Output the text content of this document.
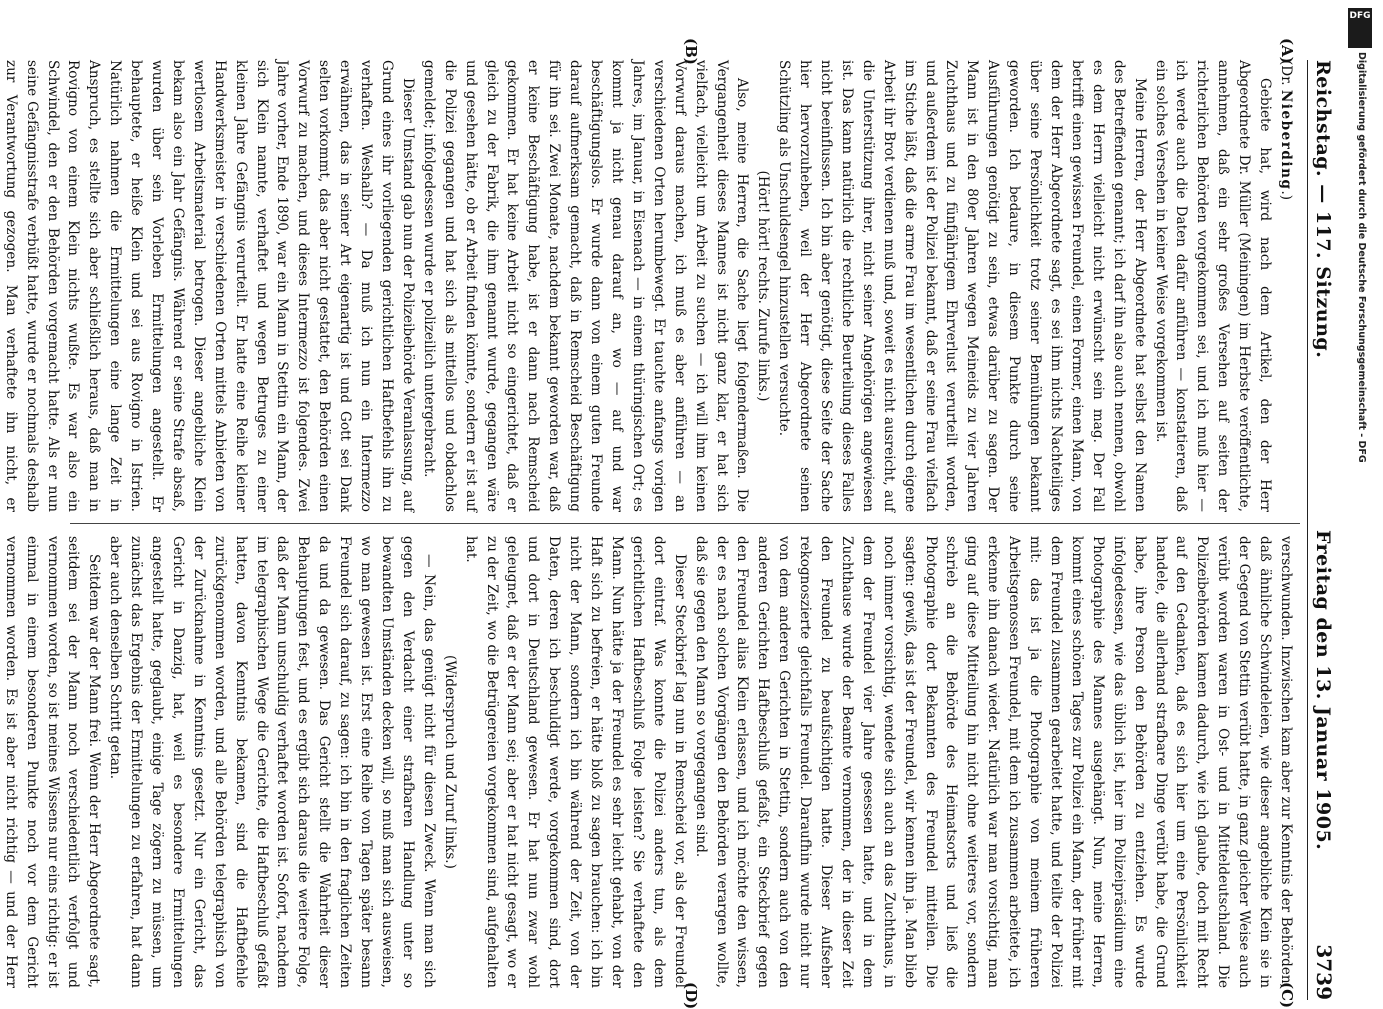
Reichstag. — 117. Sitzung.
Freitag den 13. Januar 1905.
3739
(A)
(B)
(C)
(D)

(Dr. Nieberding.)

Gebiete hat, wird nach dem Artikel, den der Herr Abgeordnete Dr. Müller (Meiningen) im Herbste veröffentlichte, annehmen, daß ein sehr großes Versehen auf seiten der richterlichen Behörden vorgekommen sei, und ich muß hier — ich werde auch die Daten dafür anführen — konstatieren, daß ein solches Versehen in keiner Weise vorgekommen ist.

Meine Herren, der Herr Abgeordnete hat selbst den Namen des Betreffenden genannt; ich darf ihn also auch nennen, obwohl es dem Herrn vielleicht nicht erwünscht sein mag. Der Fall betrifft einen gewissen Freundel, einen Former, einen Mann, von dem der Herr Abgeordnete sagt, es sei ihm nichts Nachteiliges über seine Persönlichkeit trotz seiner Bemühungen bekannt geworden. Ich bedaure, in diesem Punkte durch seine Ausführungen genötigt zu sein, etwas darüber zu sagen. Der Mann ist in den 80er Jahren wegen Meineids zu vier Jahren Zuchthaus und zu fünfjährigem Ehrverlust verurteilt worden, und außerdem ist der Polizei bekannt, daß er seine Frau vielfach im Stiche läßt, daß die arme Frau im wesentlichen durch eigene Arbeit ihr Brot verdienen muß und, soweit es nicht ausreicht, auf die Unterstützung ihrer, nicht seiner Angehörigen angewiesen ist. Das kann natürlich die rechtliche Beurteilung dieses Falles nicht beeinflussen. Ich bin aber genötigt, diese Seite der Sache hier hervorzuheben, weil der Herr Abgeordnete seinen Schützling als Unschuldsengel hinzustellen versuchte.

(Hört! hört! rechts. Zurufe links.)

Also, meine Herren, die Sache liegt folgendermaßen. Die Vergangenheit dieses Mannes ist nicht ganz klar, er hat sich vielfach, vielleicht um Arbeit zu suchen — ich will ihm keinen Vorwurf daraus machen, ich muß es aber anführen — an verschiedenen Orten herumbewegt. Er tauchte anfangs vorigen Jahres, im Januar, in Eisenach — in einem thüringischen Ort; es kommt ja nicht genau darauf an, wo — auf und war beschäftigungslos. Er wurde dann von einem guten Freunde darauf aufmerksam gemacht, daß in Remscheid Beschäftigung für ihn sei. Zwei Monate, nachdem bekannt geworden war, daß er keine Beschäftigung habe, ist er dann nach Remscheid gekommen. Er hat keine Arbeit nicht so eingerichtet, daß er gleich zu der Fabrik, die ihm genannt wurde, gegangen wäre und gesehen hätte, ob er Arbeit finden könnte, sondern er ist auf die Polizei gegangen und hat sich als mittellos und obdachlos gemeldet; infolgedessen wurde er polizeilich untergebracht.

Dieser Umstand gab nun der Polizeibehörde Veranlassung, auf Grund eines ihr vorliegenden gerichtlichen Haftbefehls ihn zu verhaften. Weshalb? — Da muß ich nun ein Intermezzo erwähnen, das in seiner Art eigenartig ist und Gott sei Dank selten vorkommt, das aber nicht gestattet, den Behörden einen Vorwurf zu machen, und dieses Intermezzo ist folgendes. Zwei Jahre vorher, Ende 1890, war ein Mann in Stettin ein Mann, der sich Klein nannte, verhaftet und wegen Betruges zu einer kleinen Jahre Gefängnis verurteilt. Er hatte eine Reihe kleiner Handwerksmeister in verschiedenen Orten mittels Anbieten von wertlosem Arbeitsmaterial betrogen. Dieser angebliche Klein bekam also ein Jahr Gefängnis. Während er seine Strafe absaß, wurden über sein Vorleben Ermittelungen angestellt. Er behauptete, er heiße Klein und sei aus Rovigno in Istrien. Natürlich nahmen die Ermittelungen eine lange Zeit in Anspruch, es stellte sich aber schließlich heraus, daß man in Rovigno von einem Klein nichts wußte. Es war also ein Schwindel, den er den Behörden vorgemacht hatte. Als er nun seine Gefängnisstrafe verbüßt hatte, wurde er nochmals deshalb zur Verantwortung gezogen. Man verhaftete ihn nicht, er

verschwunden. Inzwischen kam aber zur Kenntnis der Behörden, daß ähnliche Schwindeleien, wie dieser angebliche Klein sie in der Gegend von Stettin verübt hatte, in ganz gleicher Weise auch verübt worden waren in Ost- und in Mitteldeutschland. Die Polizeibehörden kamen dadurch, wie ich glaube, doch mit Recht auf den Gedanken, daß es sich hier um eine Persönlichkeit handele, die allerhand strafbare Dinge verübt habe, die Grund habe, ihre Person den Behörden zu entziehen. Es wurde infolgedessen, wie das üblich ist, hier im Polizeipräsidium eine Photographie des Mannes ausgehängt. Nun, meine Herren, kommt eines schönen Tages zur Polizei ein Mann, der früher mit dem Freundel zusammen gearbeitet hatte, und teilte der Polizei mit: das ist ja die Photographie von meinem früheren Arbeitsgenossen Freundel, mit dem ich zusammen arbeitete, ich erkenne ihn danach wieder. Natürlich war man vorsichtig, man ging auf diese Mitteilung hin nicht ohne weiteres vor, sondern schrieb an die Behörde des Heimatsorts und ließ die Photographie dort Bekannten des Freundel mitteilen. Die sagten: gewiß, das ist der Freundel, wir kennen ihn ja. Man blieb noch immer vorsichtig, wendete sich auch an das Zuchthaus, in dem der Freundel vier Jahre gesessen hatte, und in dem Zuchthause wurde der Beamte vernommen, der in dieser Zeit den Freundel zu beaufsichtigen hatte. Dieser Aufseher rekognoszierte gleichfalls Freundel. Daraufhin wurde nicht nur von dem anderen Gerichten in Stettin, sondern auch von den anderen Gerichten Haftbeschluß gefaßt, ein Steckbrief gegen den Freundel alias Klein erlassen, und ich möchte den wissen, der es nach solchen Vorgängen den Behörden verargen wollte, daß sie gegen den Mann so vorgegangen sind.

Dieser Steckbrief lag nun in Remscheid vor, als der Freundel dort eintraf. Was konnte die Polizei anders tun, als dem gerichtlichen Haftbeschluß Folge leisten? Sie verhaftete den Mann. Nun hätte ja der Freundel es sehr leicht gehabt, von der Haft sich zu befreien, er hätte bloß zu sagen brauchen: ich bin nicht der Mann, sondern ich bin während der Zeit, von der Daten, deren ich beschuldigt werde, vorgekommen sind, dort und dort in Deutschland gewesen. Er hat nun zwar wohl geleugnet, daß er der Mann sei; aber er hat nicht gesagt, wo er zu der Zeit, wo die Betrügereien vorgekommen sind, aufgehalten hat.

(Widerspruch und Zuruf links.)

— Nein, das genügt nicht für diesen Zweck. Wenn man sich gegen den Verdacht einer strafbaren Handlung unter so bewandten Umständen decken will, so muß man sich ausweisen, wo man gewesen ist. Erst eine Reihe von Tagen später besann Freundel sich darauf, zu sagen: ich bin in den fraglichen Zeiten da und da gewesen. Das Gericht stellt die Wahrheit dieser Behauptungen fest, und es ergibt sich daraus die weitere Folge, daß der Mann unschuldig verhaftet worden ist. Sofort, nachdem im telegraphischen Wege die Gerichte, die Haftbeschluß gefaßt hatten, davon Kenntnis bekamen, sind die Haftbefehle zurückgenommen worden, und alle Behörden telegraphisch von der Zurücknahme in Kenntnis gesetzt. Nur ein Gericht, das Gericht in Danzig, hat, weil es besondere Ermittelungen angestellt hatte, geglaubt, einige Tage zögern zu müssen, um zunächst das Ergebnis der Ermittelungen zu erfahren, hat dann aber auch denselben Schritt getan.

Seitdem war der Mann frei. Wenn der Herr Abgeordnete sagt, seitdem sei der Mann noch verschiedentlich verfolgt und vernommen worden, so ist meines Wissens nur eins richtig: er ist einmal in einem besonderen Punkte noch vor dem Gericht vernommen worden. Es ist aber nicht richtig — und der Herr

DFG
Digitalisierung gefördert durch die Deutsche Forschungsgemeinschaft - DFG
